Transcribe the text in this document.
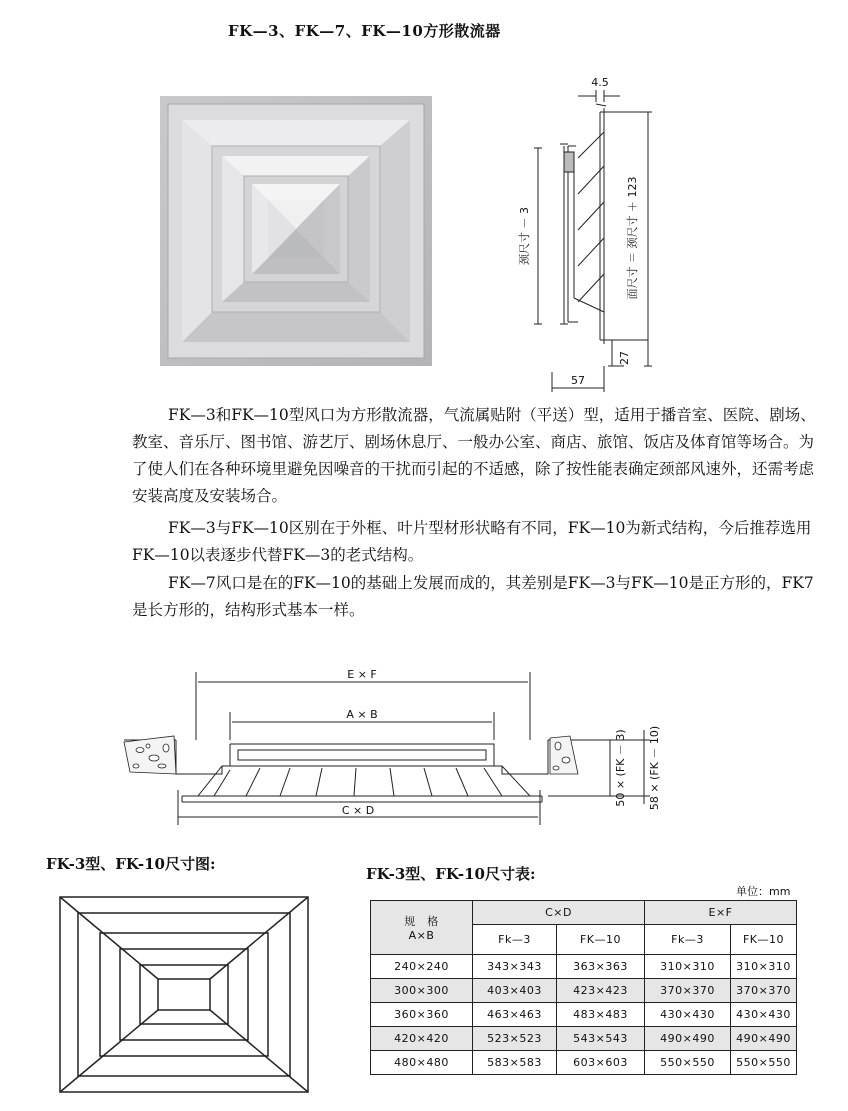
FK—3、FK—7、FK—10方形散流器
4.5
颈尺寸 － 3	面尺寸 ＝ 颈尺寸 ＋ 123
27
57

FK—3和FK—10型风口为方形散流器，气流属贴附（平送）型，适用于播音室、医院、剧场、教室、音乐厅、图书馆、游艺厅、剧场休息厅、一般办公室、商店、旅馆、饭店及体育馆等场合。为了使人们在各种环境里避免因噪音的干扰而引起的不适感，除了按性能表确定颈部风速外，还需考虑安装高度及安装场合。

FK—3与FK—10区别在于外框、叶片型材形状略有不同，FK—10为新式结构，今后推荐选用FK—10以表逐步代替FK—3的老式结构。

FK—7风口是在的FK—10的基础上发展而成的，其差别是FK—3与FK—10是正方形的，FK7是长方形的，结构形式基本一样。

E × F
A × B
C × D
50 × (FK － 3) 58 × (FK － 10)
FK-3型、FK-10尺寸图:
FK-3型、FK-10尺寸表:
单位：mm
规　格
A×B	C×D		E×F	
	Fk—3	FK—10	Fk—3	FK—10
240×240	343×343	363×363	310×310	310×310
300×300	403×403	423×423	370×370	370×370
360×360	463×463	483×483	430×430	430×430
420×420	523×523	543×543	490×490	490×490
480×480	583×583	603×603	550×550	550×550
